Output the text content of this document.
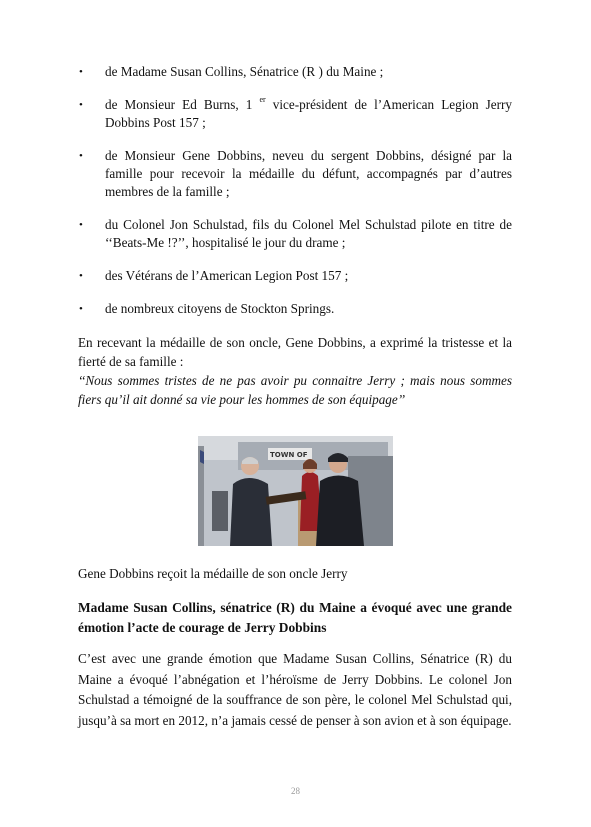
• de Madame Susan Collins, Sénatrice (R ) du Maine ;
• de Monsieur Ed Burns, 1 $^{er}$ vice-président de l’American Legion Jerry Dobbins Post 157 ;
• de Monsieur Gene Dobbins, neveu du sergent Dobbins, désigné par la famille pour recevoir la médaille du défunt, accompagnés par d’autres membres de la famille ;
• du Colonel Jon Schulstad, fils du Colonel Mel Schulstad pilote en titre de ‘‘Beats-Me !?’’, hospitalisé le jour du drame ;
• des Vétérans de l’American Legion Post 157 ;
• de nombreux citoyens de Stockton Springs.

En recevant la médaille de son oncle, Gene Dobbins, a exprimé la tristesse et la fierté de sa famille :
‘‘Nous sommes tristes de ne pas avoir pu connaitre Jerry ; mais nous sommes fiers qu’il ait donné sa vie pour les hommes de son équipage’’

TOWN OF

Gene Dobbins reçoit la médaille de son oncle Jerry

Madame Susan Collins, sénatrice (R) du Maine a évoqué avec une grande émotion l’acte de courage de Jerry Dobbins

C’est avec une grande émotion que Madame Susan Collins, Sénatrice (R) du Maine a évoqué l’abnégation et l’héroïsme de Jerry Dobbins. Le colonel Jon Schulstad a témoigné de la souffrance de son père, le colonel Mel Schulstad qui, jusqu’à sa mort en 2012, n’a jamais cessé de penser à son avion et à son équipage.

28
